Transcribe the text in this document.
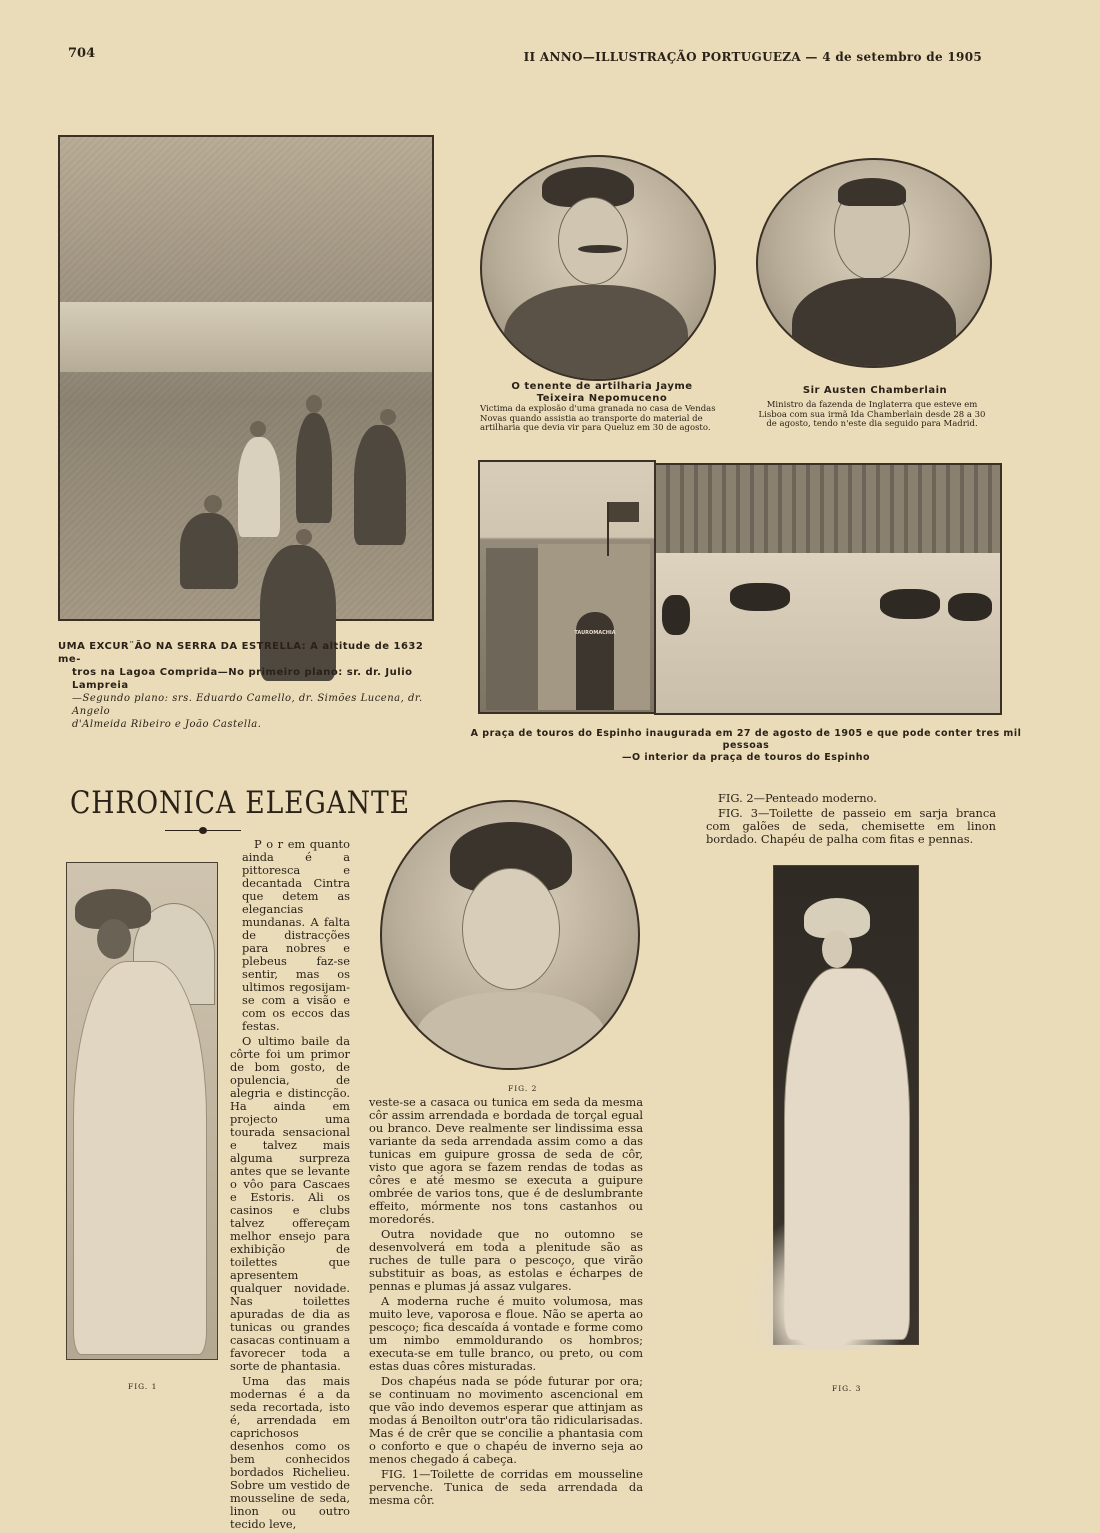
704	II ANNO—ILLUSTRAÇÃO PORTUGUEZA — 4 de setembro de 1905
UMA EXCUR¨ÃO NA SERRA DA ESTRELLA: A altitude de 1632 me-
tros na Lagoa Comprida—No primeiro plano: sr. dr. Julio Lampreia
—Segundo plano: srs. Eduardo Camello, dr. Simões Lucena, dr. Angelo
d'Almeida Ribeiro e João Castella.
O tenente de artilharia Jayme Teixeira Nepomuceno
Victima da explosão d'uma granada no casa de Vendas Novas quando assistia ao transporte do material de artilharia que devia vir para Queluz em 30 de agosto.
Sir Austen Chamberlain
Ministro da fazenda de Inglaterra que esteve em Lisboa com sua irmã Ida Chamberlain desde 28 a 30 de agosto, tendo n'este dia seguido para Madrid.
TAUROMACHIA
A praça de touros do Espinho inaugurada em 27 de agosto de 1905 e que pode conter tres mil pessoas
—O interior da praça de touros do Espinho
CHRONICA ELEGANTE
FIG. 1

P o r em quanto ainda é a pittoresca e decantada Cintra que detem as elegancias mundanas. A falta de distracções para nobres e plebeus faz-se sentir, mas os ultimos regosijam-se com a visão e com os eccos das festas.

O ultimo baile da côrte foi um primor de bom gosto, de opulencia, de alegria e distincção. Ha ainda em projecto uma tourada sensacional e talvez mais alguma surpreza antes que se levante o vôo para Cascaes e Estoris. Ali os casinos e clubs talvez offereçam melhor ensejo para exhibição de toilettes que apresentem qualquer novidade. Nas toilettes apuradas de dia as tunicas ou grandes casacas continuam a favorecer toda a sorte de phantasia.

Uma das mais modernas é a da seda recortada, isto é, arrendada em caprichosos desenhos como os bem conhecidos bordados Richelieu. Sobre um vestido de mousseline de seda, linon ou outro tecido leve,

FIG. 2

veste-se a casaca ou tunica em seda da mesma côr assim arrendada e bordada de torçal egual ou branco. Deve realmente ser lindissima essa variante da seda arrendada assim como a das tunicas em guipure grossa de seda de côr, visto que agora se fazem rendas de todas as côres e até mesmo se executa a guipure ombrée de varios tons, que é de deslumbrante effeito, mórmente nos tons castanhos ou moredorés.

Outra novidade que no outomno se desenvolverá em toda a plenitude são as ruches de tulle para o pescoço, que virão substituir as boas, as estolas e écharpes de pennas e plumas já assaz vulgares.

A moderna ruche é muito volumosa, mas muito leve, vaporosa e floue. Não se aperta ao pescoço; fica descaída á vontade e forme como um nimbo emmoldurando os hombros; executa-se em tulle branco, ou preto, ou com estas duas côres misturadas.

Dos chapéus nada se póde futurar por ora; se continuam no movimento ascencional em que vão indo devemos esperar que attinjam as modas á Benoilton outr'ora tão ridicularisadas. Mas é de crêr que se concilie a phantasia com o conforto e que o chapéu de inverno seja ao menos chegado á cabeça.

FIG. 1—Toilette de corridas em mousseline pervenche. Tunica de seda arrendada da mesma côr.

FIG. 2—Penteado moderno.

FIG. 3—Toilette de passeio em sarja branca com galões de seda, chemisette em linon bordado. Chapéu de palha com fitas e pennas.

FIG. 3
